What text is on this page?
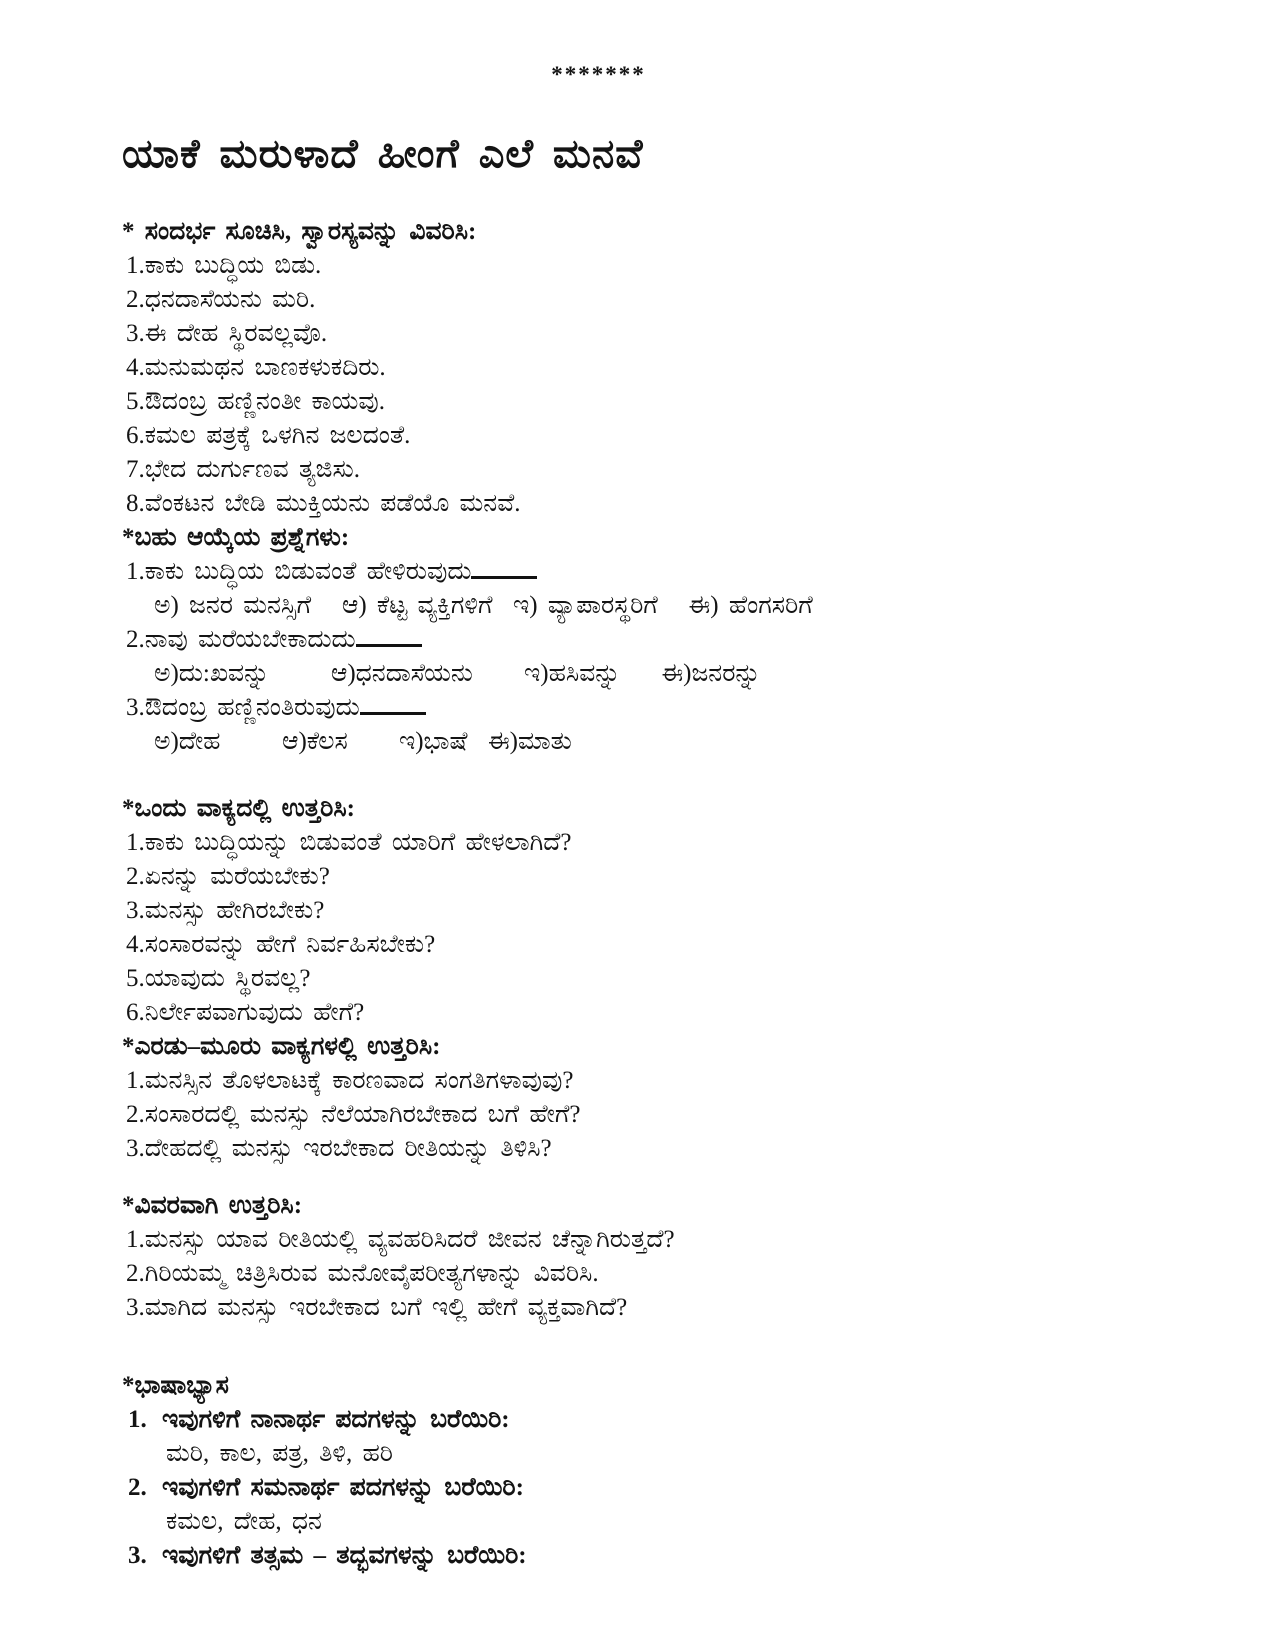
*******
ಯಾಕೆ ಮರುಳಾದೆ ಹೀಂಗೆ ಎಲೆ ಮನವೆ
* ಸಂದರ್ಭ ಸೂಚಿಸಿ, ಸ್ವಾರಸ್ಯವನ್ನು ವಿವರಿಸಿ:
1.ಕಾಕು ಬುದ್ಧಿಯ ಬಿಡು.
2.ಧನದಾಸೆಯನು ಮರಿ.
3.ಈ ದೇಹ ಸ್ಥಿರವಲ್ಲವೊ.
4.ಮನುಮಥನ ಬಾಣಕಳುಕದಿರು.
5.ಔದಂಬ್ರ ಹಣ್ಣಿನಂತೀ ಕಾಯವು.
6.ಕಮಲ ಪತ್ರಕ್ಕೆ ಒಳಗಿನ ಜಲದಂತೆ.
7.ಭೇದ ದುರ್ಗುಣವ ತ್ಯಜಿಸು.
8.ವೆಂಕಟನ ಬೇಡಿ ಮುಕ್ತಿಯನು ಪಡೆಯೊ ಮನವೆ.
*ಬಹು ಆಯ್ಕೆಯ ಪ್ರಶ್ನೆಗಳು:
1.ಕಾಕು ಬುದ್ಧಿಯ ಬಿಡುವಂತೆ ಹೇಳಿರುವುದು
ಅ) ಜನರ ಮನಸ್ಸಿಗೆ   ಆ) ಕೆಟ್ಟ ವ್ಯಕ್ತಿಗಳಿಗೆ  ಇ) ವ್ಯಾಪಾರಸ್ಥರಿಗೆ   ಈ) ಹೆಂಗಸರಿಗೆ
2.ನಾವು ಮರೆಯಬೇಕಾದುದು
ಅ)ದು:ಖವನ್ನು      ಆ)ಧನದಾಸೆಯನು     ಇ)ಹಸಿವನ್ನು    ಈ)ಜನರನ್ನು
3.ಔದಂಬ್ರ ಹಣ್ಣಿನಂತಿರುವುದು
ಅ)ದೇಹ      ಆ)ಕೆಲಸ     ಇ)ಭಾಷೆ  ಈ)ಮಾತು
*ಒಂದು ವಾಕ್ಯದಲ್ಲಿ ಉತ್ತರಿಸಿ:
1.ಕಾಕು ಬುದ್ಧಿಯನ್ನು ಬಿಡುವಂತೆ ಯಾರಿಗೆ ಹೇಳಲಾಗಿದೆ?
2.ಏನನ್ನು ಮರೆಯಬೇಕು?
3.ಮನಸ್ಸು ಹೇಗಿರಬೇಕು?
4.ಸಂಸಾರವನ್ನು ಹೇಗೆ ನಿರ್ವಹಿಸಬೇಕು?
5.ಯಾವುದು ಸ್ಥಿರವಲ್ಲ?
6.ನಿರ್ಲೇಪವಾಗುವುದು ಹೇಗೆ?
*ಎರಡು–ಮೂರು ವಾಕ್ಯಗಳಲ್ಲಿ ಉತ್ತರಿಸಿ:
1.ಮನಸ್ಸಿನ ತೊಳಲಾಟಕ್ಕೆ ಕಾರಣವಾದ ಸಂಗತಿಗಳಾವುವು?
2.ಸಂಸಾರದಲ್ಲಿ ಮನಸ್ಸು ನೆಲೆಯಾಗಿರಬೇಕಾದ ಬಗೆ ಹೇಗೆ?
3.ದೇಹದಲ್ಲಿ ಮನಸ್ಸು ಇರಬೇಕಾದ ರೀತಿಯನ್ನು ತಿಳಿಸಿ?
*ವಿವರವಾಗಿ ಉತ್ತರಿಸಿ:
1.ಮನಸ್ಸು ಯಾವ ರೀತಿಯಲ್ಲಿ ವ್ಯವಹರಿಸಿದರೆ ಜೀವನ ಚೆನ್ನಾಗಿರುತ್ತದೆ?
2.ಗಿರಿಯಮ್ಮ ಚಿತ್ರಿಸಿರುವ ಮನೋವೈಪರೀತ್ಯಗಳಾನ್ನು ವಿವರಿಸಿ.
3.ಮಾಗಿದ ಮನಸ್ಸು ಇರಬೇಕಾದ ಬಗೆ ಇಲ್ಲಿ ಹೇಗೆ ವ್ಯಕ್ತವಾಗಿದೆ?
*ಭಾಷಾಭ್ಯಾಸ
1. ಇವುಗಳಿಗೆ ನಾನಾರ್ಥ ಪದಗಳನ್ನು ಬರೆಯಿರಿ:
ಮರಿ, ಕಾಲ, ಪತ್ರ, ತಿಳಿ, ಹರಿ
2. ಇವುಗಳಿಗೆ ಸಮನಾರ್ಥ ಪದಗಳನ್ನು ಬರೆಯಿರಿ:
ಕಮಲ, ದೇಹ, ಧನ
3. ಇವುಗಳಿಗೆ ತತ್ಸಮ – ತದ್ಭವಗಳನ್ನು ಬರೆಯಿರಿ:
